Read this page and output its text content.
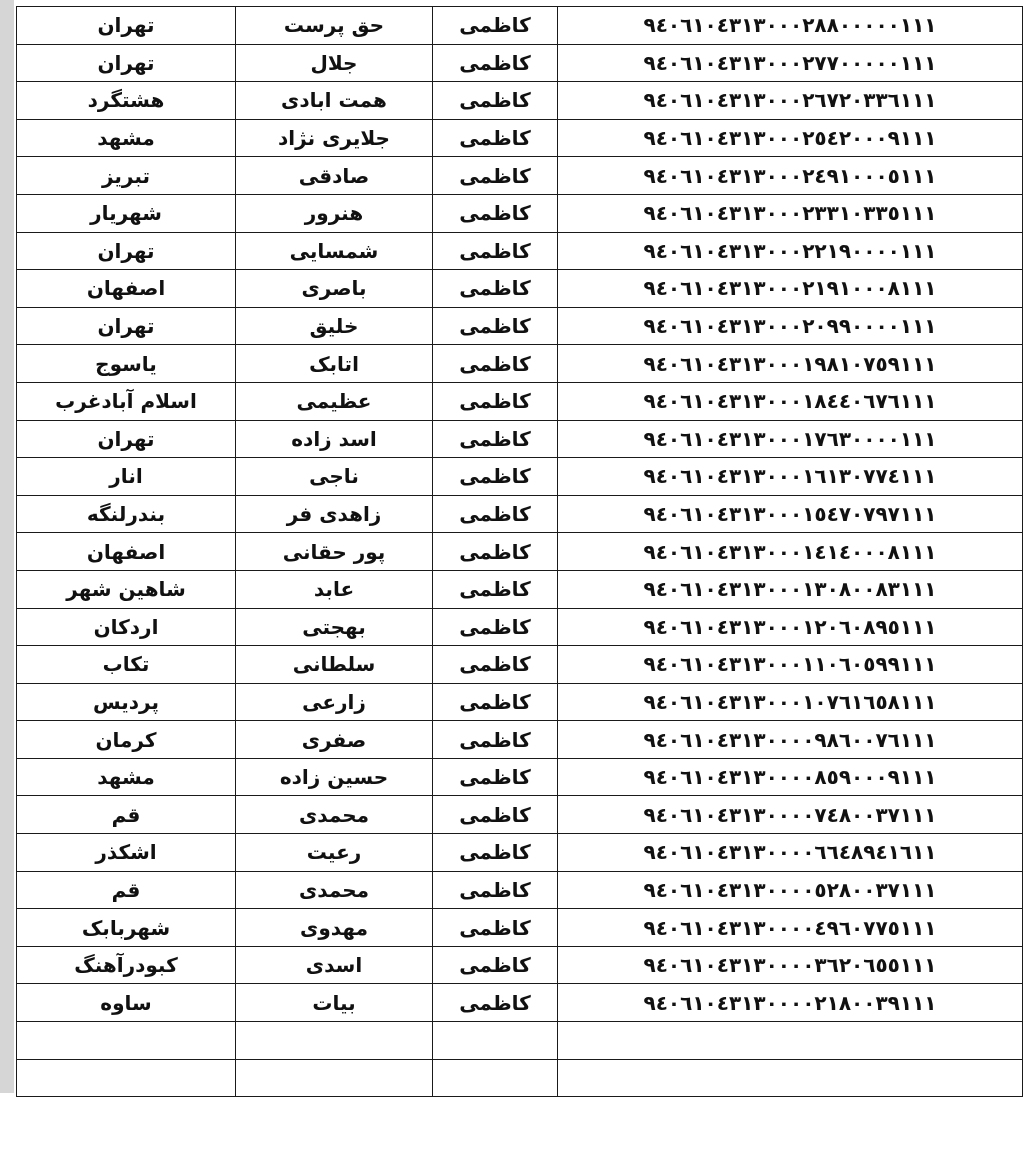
تهران	حق پرست	کاظمی	۹٤۰٦۱۰٤۳۱۳۰۰۰۲۸۸۰۰۰۰۰۱۱۱
تهران	جلال	کاظمی	۹٤۰٦۱۰٤۳۱۳۰۰۰۲۷۷۰۰۰۰۰۱۱۱
هشتگرد	همت ابادی	کاظمی	۹٤۰٦۱۰٤۳۱۳۰۰۰۲٦۷۲۰۳۳٦۱۱۱
مشهد	جلایری نژاد	کاظمی	۹٤۰٦۱۰٤۳۱۳۰۰۰۲٥٤۲۰۰۰۹۱۱۱
تبریز	صادقی	کاظمی	۹٤۰٦۱۰٤۳۱۳۰۰۰۲٤۹۱۰۰۰٥۱۱۱
شهریار	هنرور	کاظمی	۹٤۰٦۱۰٤۳۱۳۰۰۰۲۳۳۱۰۳۳٥۱۱۱
تهران	شمسایی	کاظمی	۹٤۰٦۱۰٤۳۱۳۰۰۰۲۲۱۹۰۰۰۰۱۱۱
اصفهان	باصری	کاظمی	۹٤۰٦۱۰٤۳۱۳۰۰۰۲۱۹۱۰۰۰۸۱۱۱
تهران	خلیق	کاظمی	۹٤۰٦۱۰٤۳۱۳۰۰۰۲۰۹۹۰۰۰۰۱۱۱
یاسوج	اتابک	کاظمی	۹٤۰٦۱۰٤۳۱۳۰۰۰۱۹۸۱۰۷٥۹۱۱۱
اسلام آبادغرب	عظیمی	کاظمی	۹٤۰٦۱۰٤۳۱۳۰۰۰۱۸٤٤۰٦۷٦۱۱۱
تهران	اسد زاده	کاظمی	۹٤۰٦۱۰٤۳۱۳۰۰۰۱۷٦۳۰۰۰۰۱۱۱
انار	ناجی	کاظمی	۹٤۰٦۱۰٤۳۱۳۰۰۰۱٦۱۳۰۷۷٤۱۱۱
بندرلنگه	زاهدی فر	کاظمی	۹٤۰٦۱۰٤۳۱۳۰۰۰۱٥٤۷۰۷۹۷۱۱۱
اصفهان	پور حقانی	کاظمی	۹٤۰٦۱۰٤۳۱۳۰۰۰۱٤۱٤۰۰۰۸۱۱۱
شاهین شهر	عابد	کاظمی	۹٤۰٦۱۰٤۳۱۳۰۰۰۱۳۰۸۰۰۸۳۱۱۱
اردکان	بهجتی	کاظمی	۹٤۰٦۱۰٤۳۱۳۰۰۰۱۲۰٦۰۸۹٥۱۱۱
تکاب	سلطانی	کاظمی	۹٤۰٦۱۰٤۳۱۳۰۰۰۱۱۰٦۰٥۹۹۱۱۱
پردیس	زارعی	کاظمی	۹٤۰٦۱۰٤۳۱۳۰۰۰۱۰۷٦۱٦٥۸۱۱۱
کرمان	صفری	کاظمی	۹٤۰٦۱۰٤۳۱۳۰۰۰۰۹۸٦۰۰۷٦۱۱۱
مشهد	حسین زاده	کاظمی	۹٤۰٦۱۰٤۳۱۳۰۰۰۰۸٥۹۰۰۰۹۱۱۱
قم	محمدی	کاظمی	۹٤۰٦۱۰٤۳۱۳۰۰۰۰۷٤۸۰۰۳۷۱۱۱
اشکذر	رعیت	کاظمی	۹٤۰٦۱۰٤۳۱۳۰۰۰۰٦٦٤۸۹٤۱٦۱۱
قم	محمدی	کاظمی	۹٤۰٦۱۰٤۳۱۳۰۰۰۰٥۲۸۰۰۳۷۱۱۱
شهربابک	مهدوی	کاظمی	۹٤۰٦۱۰٤۳۱۳۰۰۰۰٤۹٦۰۷۷٥۱۱۱
کبودرآهنگ	اسدی	کاظمی	۹٤۰٦۱۰٤۳۱۳۰۰۰۰۳٦۲۰٦٥٥۱۱۱
ساوه	بیات	کاظمی	۹٤۰٦۱۰٤۳۱۳۰۰۰۰۲۱۸۰۰۳۹۱۱۱
